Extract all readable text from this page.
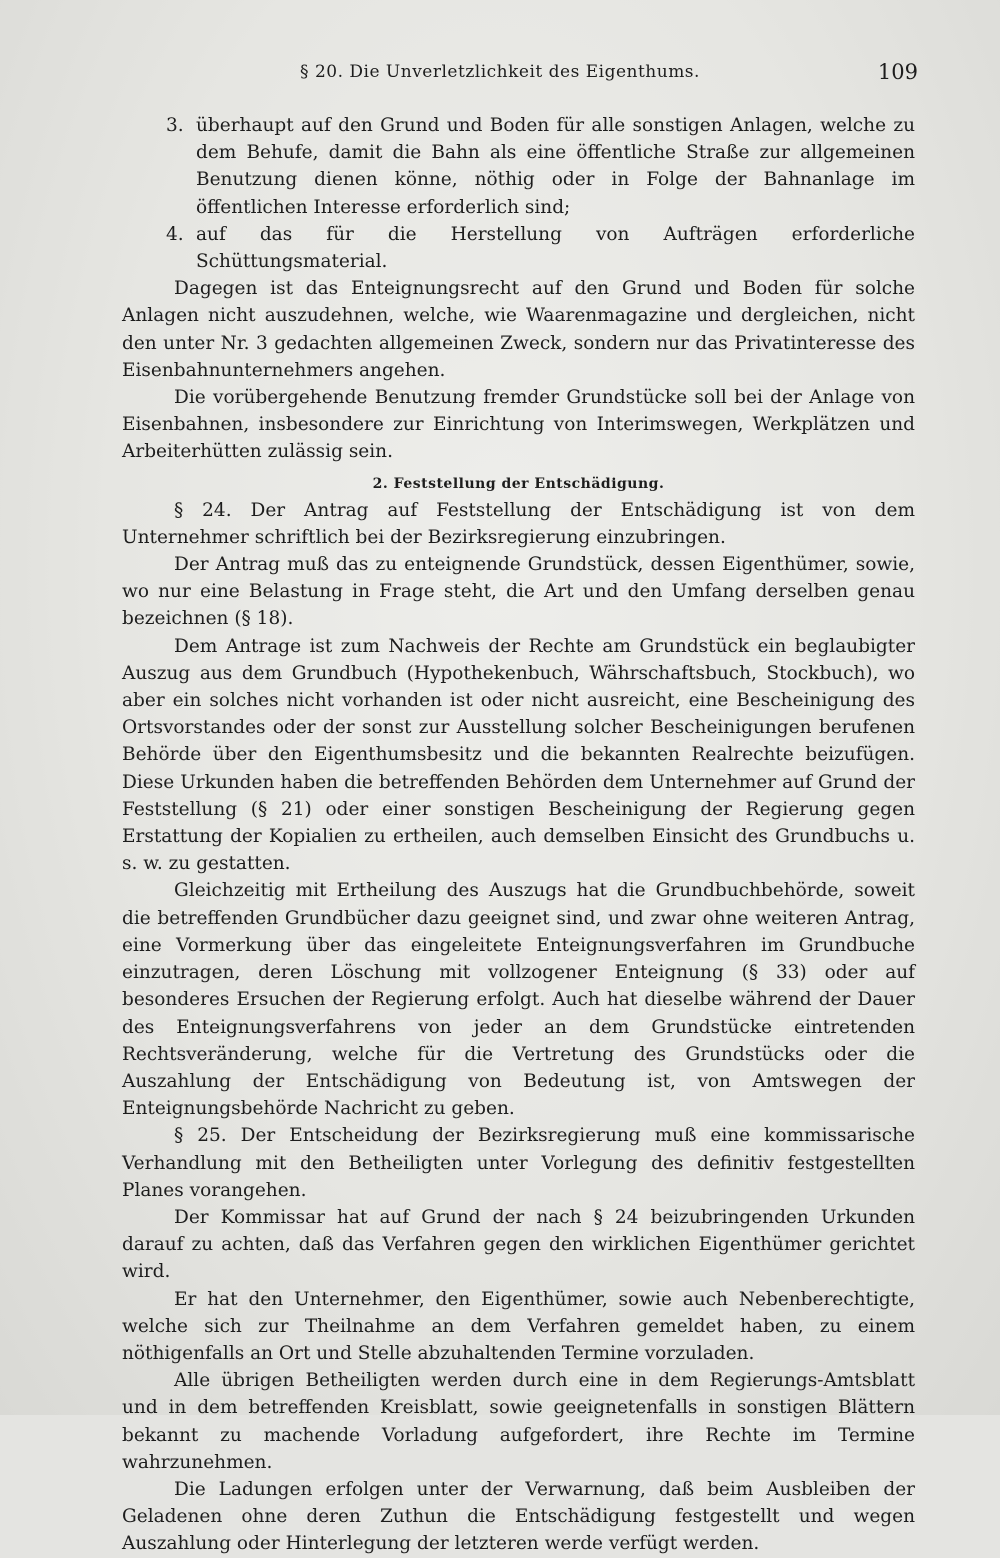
§ 20. Die Unverletzlichkeit des Eigenthums.	109
3. überhaupt auf den Grund und Boden für alle sonstigen Anlagen, welche zu dem Behufe, damit die Bahn als eine öffentliche Straße zur allgemeinen Benutzung dienen könne, nöthig oder in Folge der Bahnanlage im öffentlichen Interesse erforderlich sind;
4. auf das für die Herstellung von Aufträgen erforderliche Schüttungsmaterial.

Dagegen ist das Enteignungsrecht auf den Grund und Boden für solche Anlagen nicht auszudehnen, welche, wie Waarenmagazine und dergleichen, nicht den unter Nr. 3 gedachten allgemeinen Zweck, sondern nur das Privatinteresse des Eisenbahnunternehmers angehen.

Die vorübergehende Benutzung fremder Grundstücke soll bei der Anlage von Eisenbahnen, insbesondere zur Einrichtung von Interimswegen, Werkplätzen und Arbeiterhütten zulässig sein.

2. Feststellung der Entschädigung.

§ 24. Der Antrag auf Feststellung der Entschädigung ist von dem Unternehmer schriftlich bei der Bezirksregierung einzubringen.

Der Antrag muß das zu enteignende Grundstück, dessen Eigenthümer, sowie, wo nur eine Belastung in Frage steht, die Art und den Umfang derselben genau bezeichnen (§ 18).

Dem Antrage ist zum Nachweis der Rechte am Grundstück ein beglaubigter Auszug aus dem Grundbuch (Hypothekenbuch, Währschaftsbuch, Stockbuch), wo aber ein solches nicht vorhanden ist oder nicht ausreicht, eine Bescheinigung des Ortsvorstandes oder der sonst zur Ausstellung solcher Bescheinigungen berufenen Behörde über den Eigenthumsbesitz und die bekannten Realrechte beizufügen. Diese Urkunden haben die betreffenden Behörden dem Unternehmer auf Grund der Feststellung (§ 21) oder einer sonstigen Bescheinigung der Regierung gegen Erstattung der Kopialien zu ertheilen, auch demselben Einsicht des Grundbuchs u. s. w. zu gestatten.

Gleichzeitig mit Ertheilung des Auszugs hat die Grundbuchbehörde, soweit die betreffenden Grundbücher dazu geeignet sind, und zwar ohne weiteren Antrag, eine Vormerkung über das eingeleitete Enteignungsverfahren im Grundbuche einzutragen, deren Löschung mit vollzogener Enteignung (§ 33) oder auf besonderes Ersuchen der Regierung erfolgt. Auch hat dieselbe während der Dauer des Enteignungsverfahrens von jeder an dem Grundstücke eintretenden Rechtsveränderung, welche für die Vertretung des Grundstücks oder die Auszahlung der Entschädigung von Bedeutung ist, von Amtswegen der Enteignungsbehörde Nachricht zu geben.

§ 25. Der Entscheidung der Bezirksregierung muß eine kommissarische Verhandlung mit den Betheiligten unter Vorlegung des definitiv festgestellten Planes vorangehen.

Der Kommissar hat auf Grund der nach § 24 beizubringenden Urkunden darauf zu achten, daß das Verfahren gegen den wirklichen Eigenthümer gerichtet wird.

Er hat den Unternehmer, den Eigenthümer, sowie auch Nebenberechtigte, welche sich zur Theilnahme an dem Verfahren gemeldet haben, zu einem nöthigenfalls an Ort und Stelle abzuhaltenden Termine vorzuladen.

Alle übrigen Betheiligten werden durch eine in dem Regierungs-Amtsblatt und in dem betreffenden Kreisblatt, sowie geeignetenfalls in sonstigen Blättern bekannt zu machende Vorladung aufgefordert, ihre Rechte im Termine wahrzunehmen.

Die Ladungen erfolgen unter der Verwarnung, daß beim Ausbleiben der Geladenen ohne deren Zuthun die Entschädigung festgestellt und wegen Auszahlung oder Hinterlegung der letzteren werde verfügt werden.
